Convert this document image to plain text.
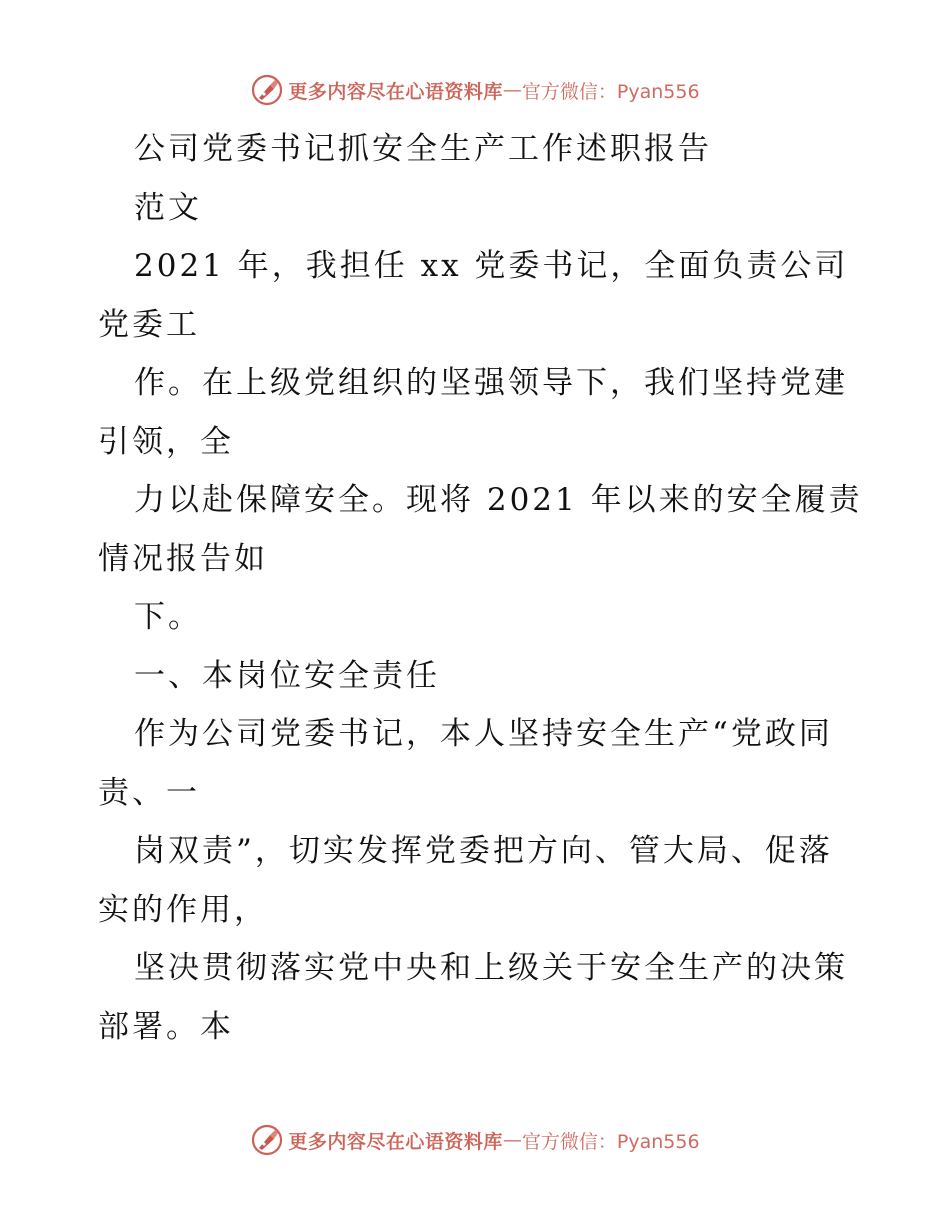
更多内容尽在心语资料库 — 官方微信：Pyan556
公司党委书记抓安全生产工作述职报告
范文
2021 年，我担任 xx 党委书记，全面负责公司
党委工
作。在上级党组织的坚强领导下，我们坚持党建
引领，全
力以赴保障安全。现将 2021 年以来的安全履责
情况报告如
下。
一、本岗位安全责任
作为公司党委书记，本人坚持安全生产“党政同
责、一
岗双责”，切实发挥党委把方向、管大局、促落
实的作用，
坚决贯彻落实党中央和上级关于安全生产的决策
部署。本
更多内容尽在心语资料库 — 官方微信：Pyan556
